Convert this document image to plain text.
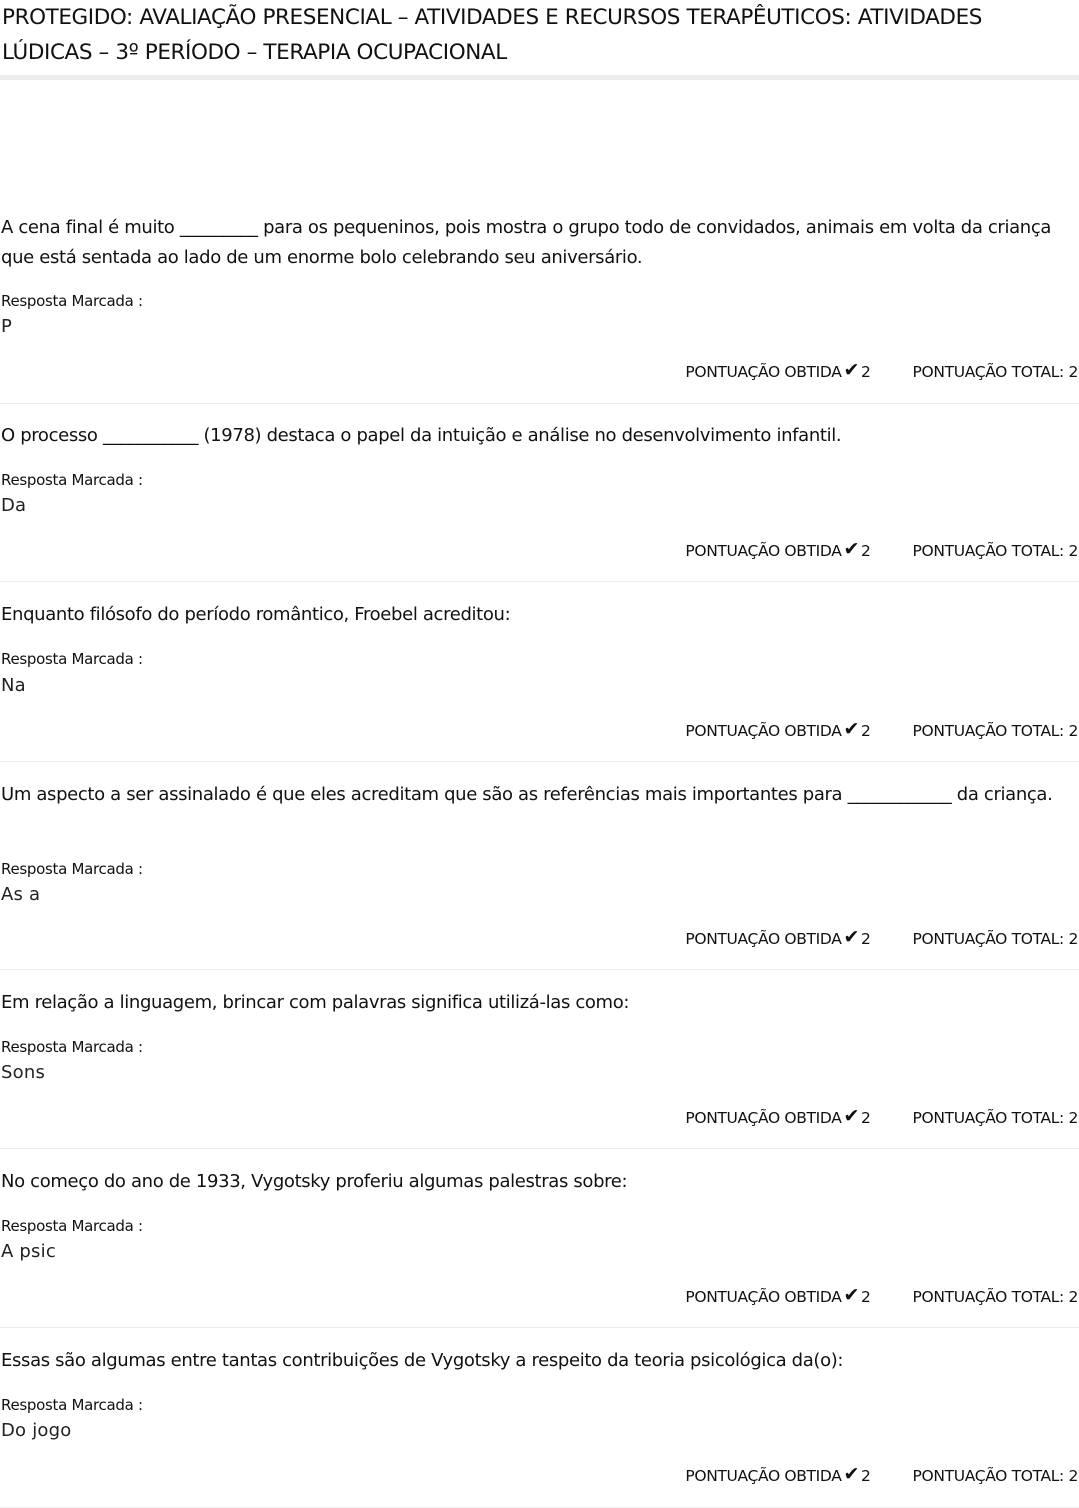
PROTEGIDO: AVALIAÇÃO PRESENCIAL – ATIVIDADES E RECURSOS TERAPÊUTICOS: ATIVIDADES LÚDICAS – 3º PERÍODO – TERAPIA OCUPACIONAL

A cena final é muito _________ para os pequeninos, pois mostra o grupo todo de convidados, animais em volta da criança que está sentada ao lado de um enorme bolo celebrando seu aniversário.

Resposta Marcada :
P
PONTUAÇÃO OBTIDA ✔ 2	PONTUAÇÃO TOTAL: 2

O processo ___________ (1978) destaca o papel da intuição e análise no desenvolvimento infantil.

Resposta Marcada :
Da
PONTUAÇÃO OBTIDA ✔ 2	PONTUAÇÃO TOTAL: 2

Enquanto filósofo do período romântico, Froebel acreditou:

Resposta Marcada :
Na
PONTUAÇÃO OBTIDA ✔ 2	PONTUAÇÃO TOTAL: 2

Um aspecto a ser assinalado é que eles acreditam que são as referências mais importantes para ____________ da criança.

Resposta Marcada :
As a
PONTUAÇÃO OBTIDA ✔ 2	PONTUAÇÃO TOTAL: 2

Em relação a linguagem, brincar com palavras significa utilizá-las como:

Resposta Marcada :
Sons
PONTUAÇÃO OBTIDA ✔ 2	PONTUAÇÃO TOTAL: 2

No começo do ano de 1933, Vygotsky proferiu algumas palestras sobre:

Resposta Marcada :
A psic
PONTUAÇÃO OBTIDA ✔ 2	PONTUAÇÃO TOTAL: 2

Essas são algumas entre tantas contribuições de Vygotsky a respeito da teoria psicológica da(o):

Resposta Marcada :
Do jogo
PONTUAÇÃO OBTIDA ✔ 2	PONTUAÇÃO TOTAL: 2
